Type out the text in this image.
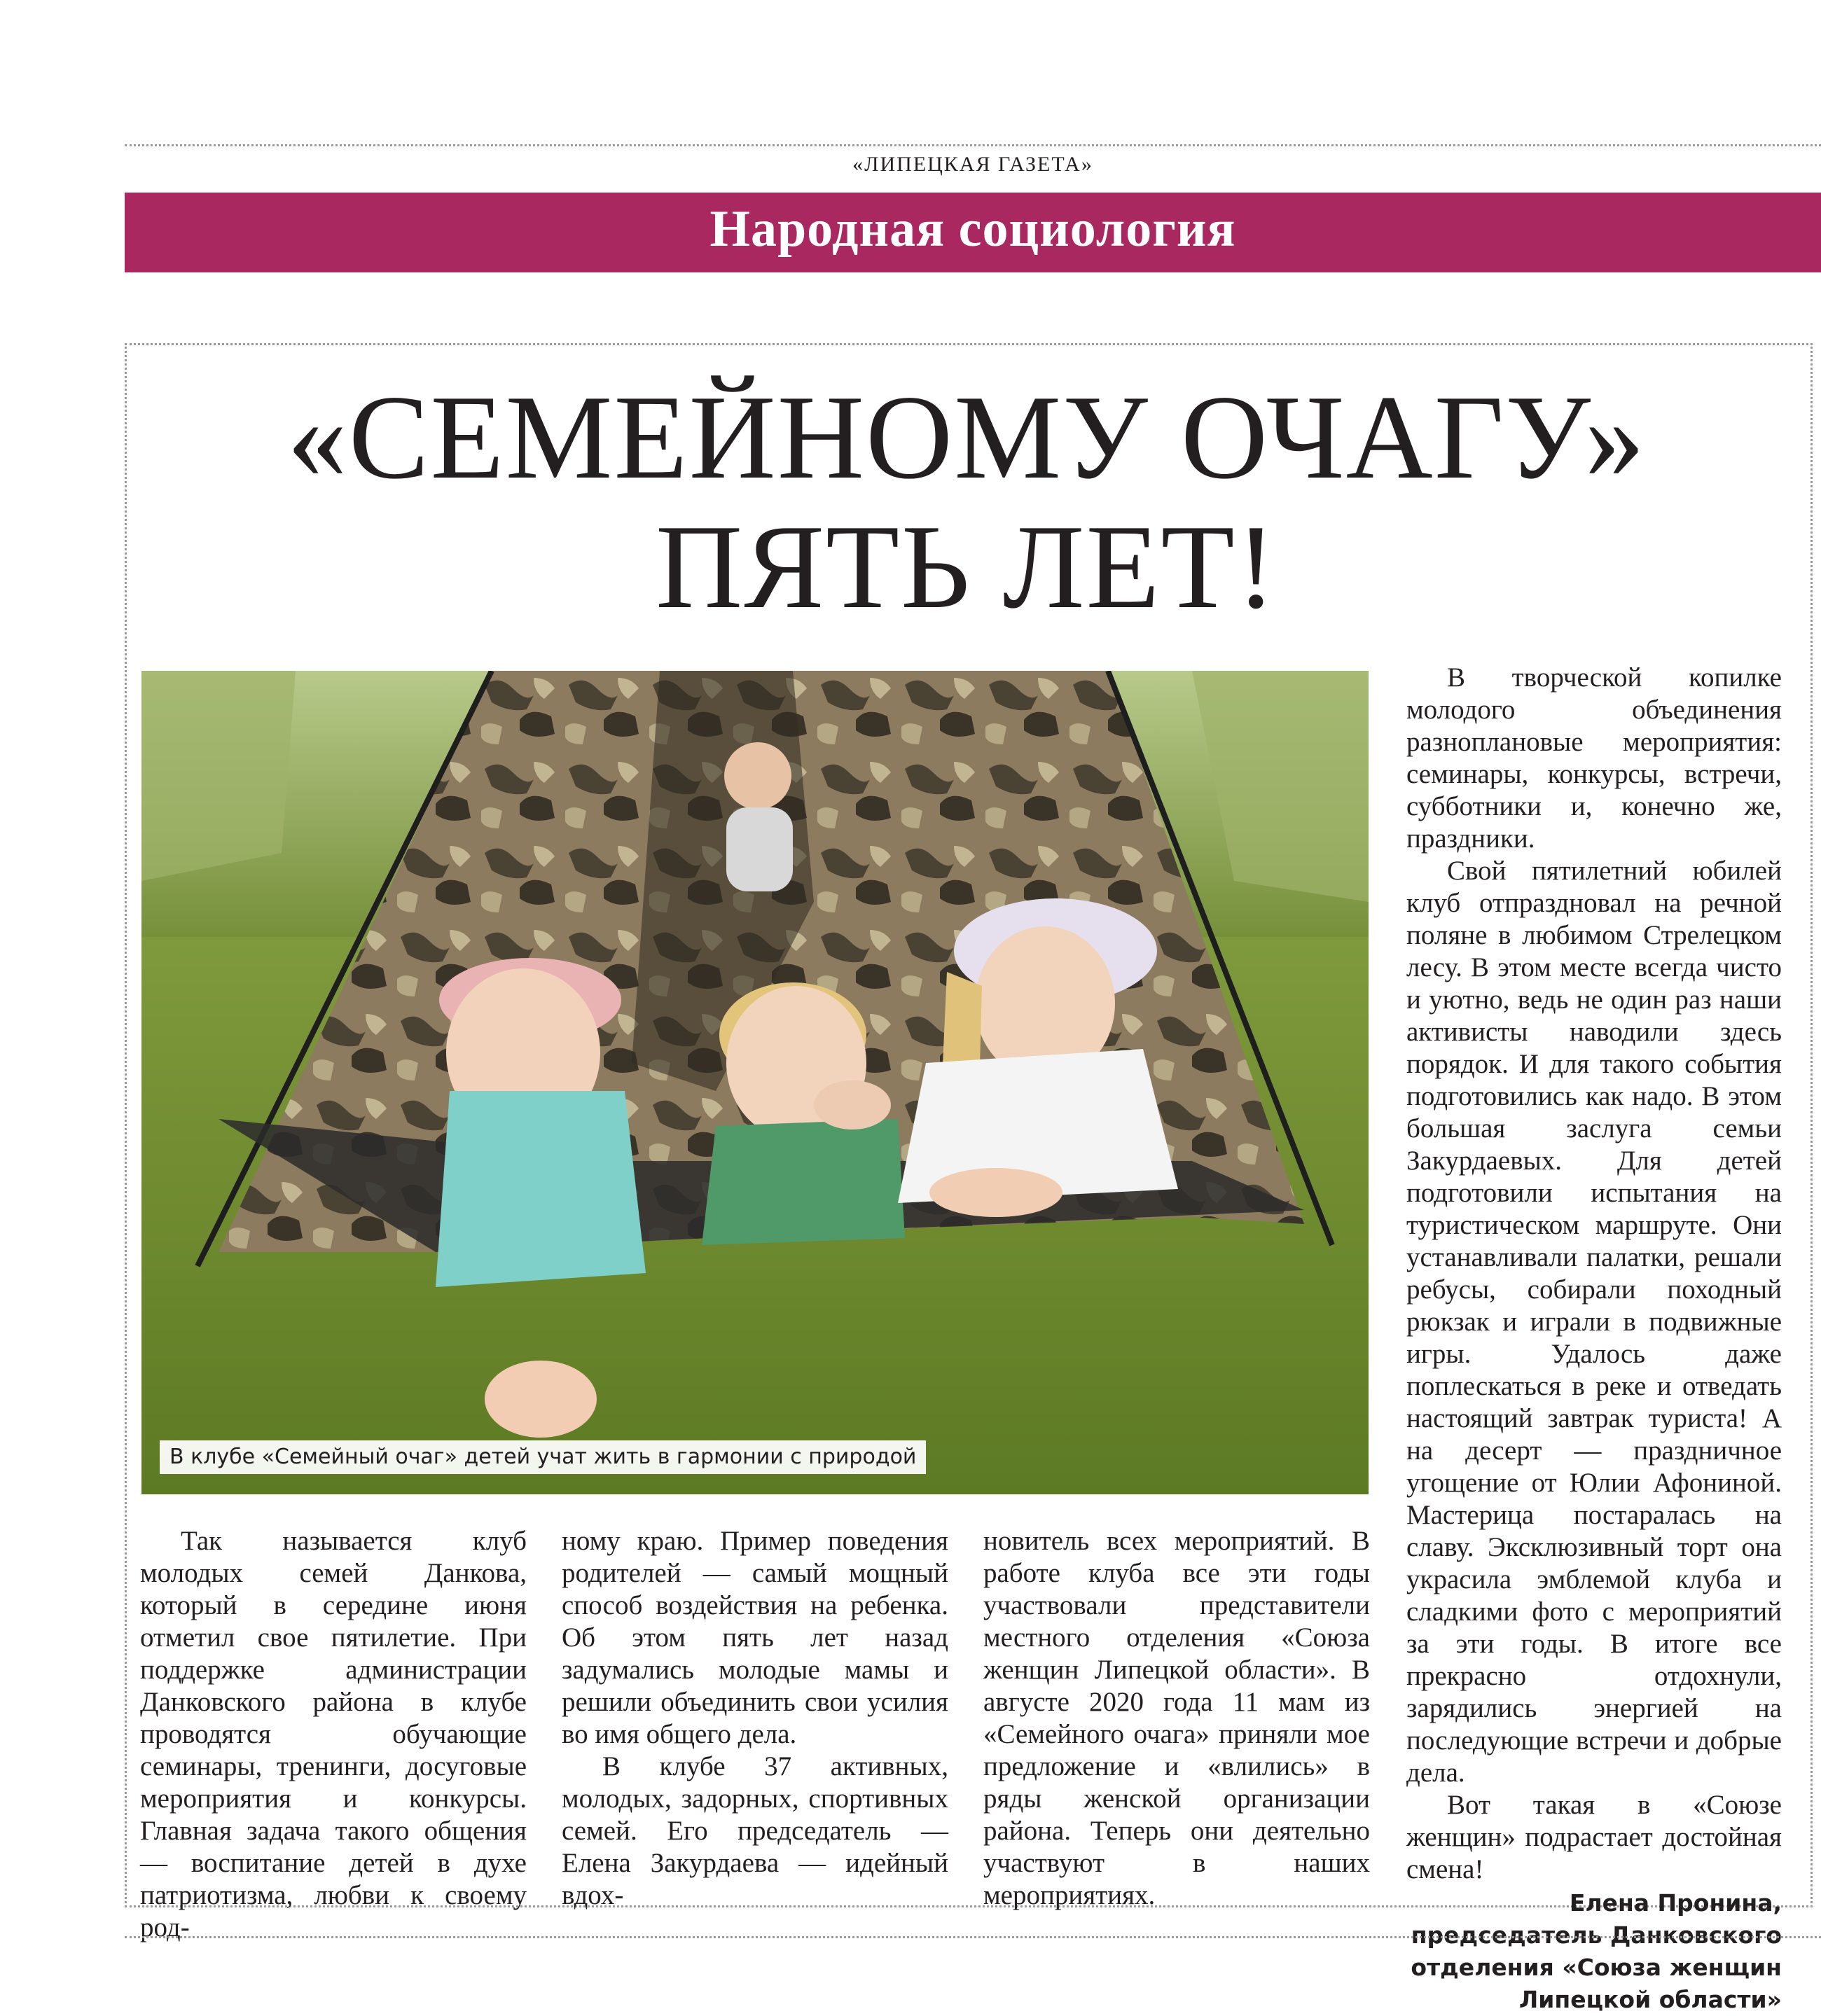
«ЛИПЕЦКАЯ ГАЗЕТА»
Народная социология
«СЕМЕЙНОМУ ОЧАГУ»
ПЯТЬ ЛЕТ!
В клубе «Семейный очаг» детей учат жить в гармонии с природой

Так называется клуб молодых семей Данкова, который в середине июня отметил свое пятилетие. При поддержке администрации Данковского района в клубе проводятся обучающие семинары, тренинги, досуговые мероприятия и конкурсы. Главная задача такого общения — воспитание детей в духе патриотизма, любви к своему род-

ному краю. Пример поведения родителей — самый мощный способ воздействия на ребенка. Об этом пять лет назад задумались молодые мамы и решили объединить свои усилия во имя общего дела.

В клубе 37 активных, молодых, задорных, спортивных семей. Его председатель — Елена Закурдаева — идейный вдох-

новитель всех мероприятий. В работе клуба все эти годы участвовали представители местного отделения «Союза женщин Липецкой области». В августе 2020 года 11 мам из «Семейного очага» приняли мое предложение и «влились» в ряды женской организации района. Теперь они деятельно участвуют в наших мероприятиях.

В творческой копилке молодого объединения разноплановые мероприятия: семинары, конкурсы, встречи, субботники и, конечно же, праздники.

Свой пятилетний юбилей клуб отпраздновал на речной поляне в любимом Стрелецком лесу. В этом месте всегда чисто и уютно, ведь не один раз наши активисты наводили здесь порядок. И для такого события подготовились как надо. В этом большая заслуга семьи Закурдаевых. Для детей подготовили испытания на туристическом маршруте. Они устанавливали палатки, решали ребусы, собирали походный рюкзак и играли в подвижные игры. Удалось даже поплескаться в реке и отведать настоящий завтрак туриста! А на десерт — праздничное угощение от Юлии Афониной. Мастерица постаралась на славу. Эксклюзивный торт она украсила эмблемой клуба и сладкими фото с мероприятий за эти годы. В итоге все прекрасно отдохнули, зарядились энергией на последующие встречи и добрые дела.

Вот такая в «Союзе женщин» подрастает достойная смена!

Елена Пронина,
председатель Данковского
отделения «Союза женщин
Липецкой области»
